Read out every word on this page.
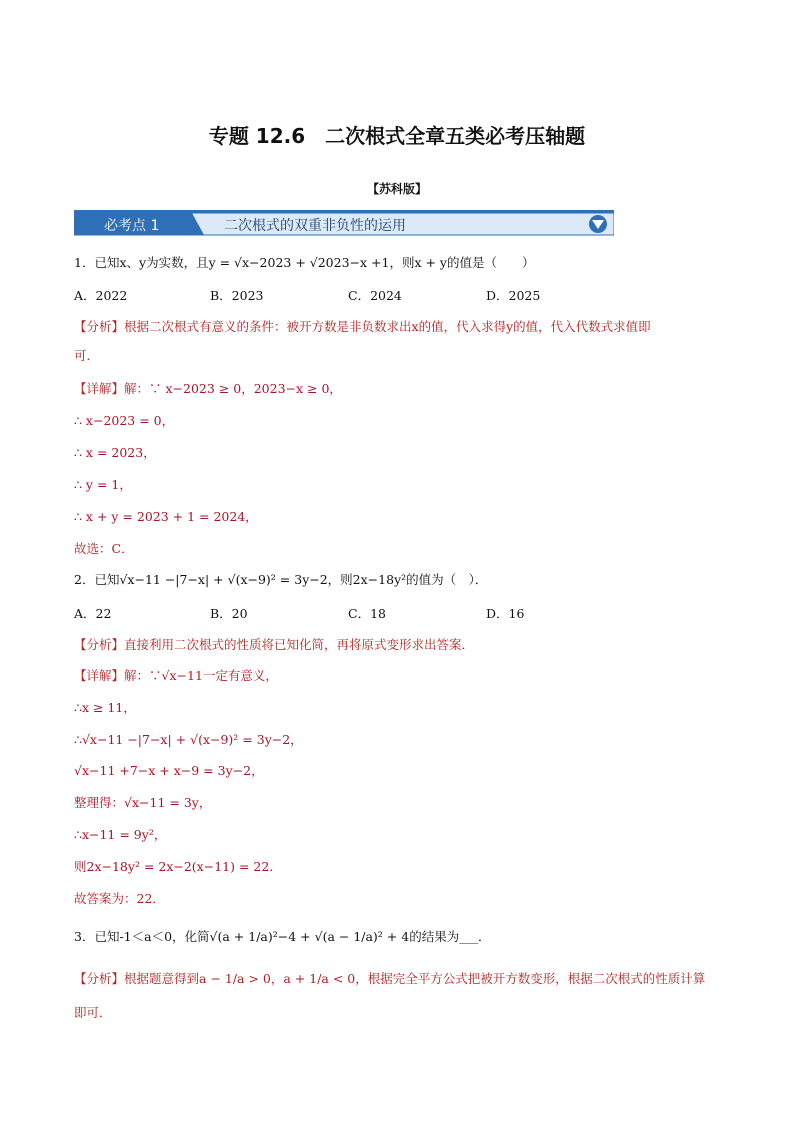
专题 12.6　二次根式全章五类必考压轴题
【苏科版】
必考点 1	二次根式的双重非负性的运用
1．已知x、y为实数，且y = √x−2023 + √2023−x +1，则x + y的值是（　　）
A．2022	B．2023	C．2024	D．2025
【分析】根据二次根式有意义的条件：被开方数是非负数求出x的值，代入求得y的值，代入代数式求值即
可．
【详解】解：∵ x−2023 ≥ 0，2023−x ≥ 0，
∴ x−2023 = 0，
∴ x = 2023，
∴ y = 1，
∴ x + y = 2023 + 1 = 2024，
故选：C．
2．已知√x−11 −|7−x| + √(x−9)² = 3y−2，则2x−18y²的值为（　）．
A．22	B．20	C．18	D．16
【分析】直接利用二次根式的性质将已知化简，再将原式变形求出答案．
【详解】解：∵√x−11一定有意义，
∴x ≥ 11，
∴√x−11 −|7−x| + √(x−9)² = 3y−2，
√x−11 +7−x + x−9 = 3y−2，
整理得：√x−11 = 3y，
∴x−11 = 9y²，
则2x−18y² = 2x−2(x−11) = 22．
故答案为：22．
3．已知-1＜a＜0，化简√(a + 1/a)²−4 + √(a − 1/a)² + 4的结果为___．
【分析】根据题意得到a − 1/a > 0，a + 1/a < 0，根据完全平方公式把被开方数变形，根据二次根式的性质计算
即可．
